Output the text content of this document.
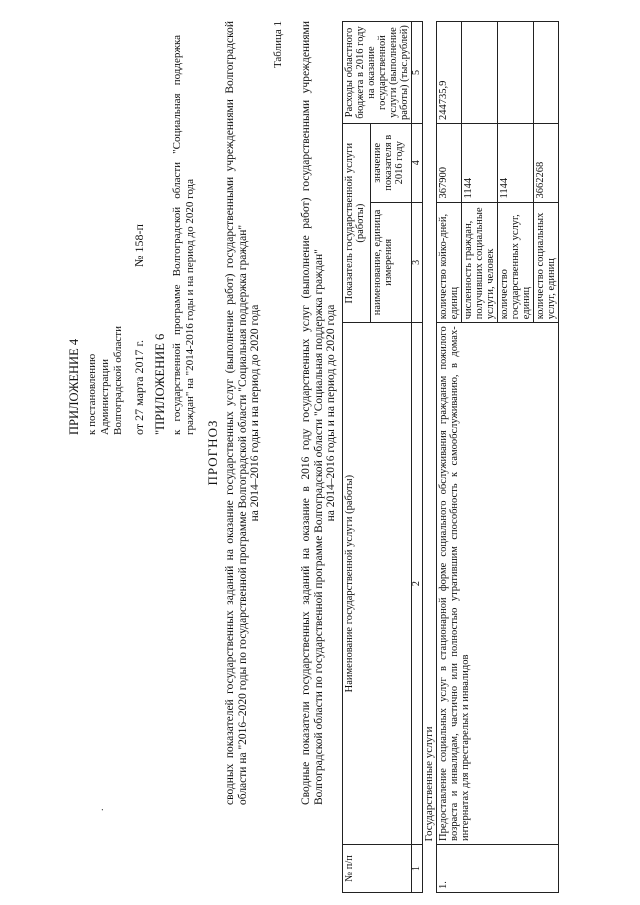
.
ПРИЛОЖЕНИЕ 4 к постановлению Администрации Волгоградской области от 27 марта 2017 г. № 158-п
"ПРИЛОЖЕНИЕ 6 к государственной программе Волгоградской области "Социальная поддержка граждан" на "2014-2016 годы и на период до 2020 года
ПРОГНОЗ сводных показателей государственных заданий на оказание государственных услуг (выполнение работ) государственными учреждениями Волгоградской области на "2016–2020 годы по государственной программе Волгоградской области "Социальная поддержка граждан" на 2014–2016 годы и на период до 2020 года
Таблица 1 Сводные показатели государственных заданий на оказание в 2016 году государственных услуг (выполнение работ) государственными учреждениями Волгоградской области по государственной программе Волгоградской области "Социальная поддержка граждан" на 2014–2016 годы и на период до 2020 года
№ п/п	Наименование государственной услуги (работы)	Показатель государственной услуги (работы)		Расходы областного бюджета в 2016 году на оказание государственной услуги (выполнение работы) (тыс.рублей)
		наименование, единица измерения	значение показателя в 2016 году	
1	2	3	4	5
	Государственные услуги			
1.	Предоставление социальных услуг в стационарной форме социального обслуживания гражданам пожилого возраста и инвалидам, частично или полностью утратившим способность к самообслуживанию, в домах-интернатах для престарелых и инвалидов	количество койко-дней, единиц	367900	244735,9
		численность граждан, получивших социальные услуги, человек	1144	
		количество государственных услуг, единиц	1144	
		количество социальных услуг, единиц	3662268	
